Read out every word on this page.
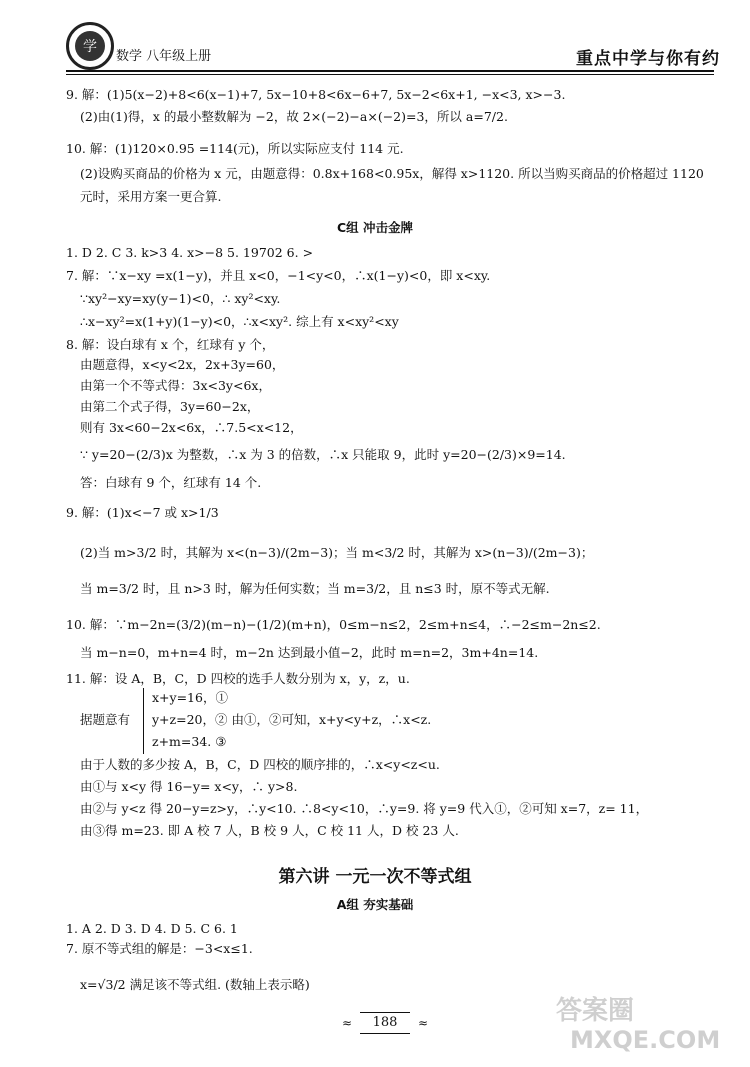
学
数学 八年级上册	重点中学与你有约
9. 解：(1)5(x−2)+8<6(x−1)+7, 5x−10+8<6x−6+7, 5x−2<6x+1, −x<3, x>−3.
(2)由(1)得，x 的最小整数解为 −2，故 2×(−2)−a×(−2)=3，所以 a=7/2.
10. 解：(1)120×0.95 =114(元)，所以实际应支付 114 元.
(2)设购买商品的价格为 x 元，由题意得：0.8x+168<0.95x，解得 x>1120. 所以当购买商品的价格超过 1120
元时，采用方案一更合算.
C组 冲击金牌
1. D 2. C 3. k>3 4. x>−8 5. 19702 6. >
7. 解：∵x−xy =x(1−y)，并且 x<0，−1<y<0，∴x(1−y)<0，即 x<xy.
∵xy²−xy=xy(y−1)<0，∴ xy²<xy.
∴x−xy²=x(1+y)(1−y)<0，∴x<xy². 综上有 x<xy²<xy
8. 解：设白球有 x 个，红球有 y 个，
由题意得，x<y<2x，2x+3y=60，
由第一个不等式得：3x<3y<6x，
由第二个式子得，3y=60−2x，
则有 3x<60−2x<6x，∴7.5<x<12，
∵ y=20−(2/3)x 为整数，∴x 为 3 的倍数，∴x 只能取 9，此时 y=20−(2/3)×9=14.
答：白球有 9 个，红球有 14 个.
9. 解：(1)x<−7 或 x>1/3
(2)当 m>3/2 时，其解为 x<(n−3)/(2m−3)；当 m<3/2 时，其解为 x>(n−3)/(2m−3)；
当 m=3/2 时，且 n>3 时，解为任何实数；当 m=3/2，且 n≤3 时，原不等式无解.
10. 解：∵m−2n=(3/2)(m−n)−(1/2)(m+n)，0≤m−n≤2，2≤m+n≤4，∴−2≤m−2n≤2.
当 m−n=0，m+n=4 时，m−2n 达到最小值−2，此时 m=n=2，3m+4n=14.
11. 解：设 A，B，C，D 四校的选手人数分别为 x，y，z，u.
x+y=16，①
据题意有 y+z=20，② 由①，②可知，x+y<y+z，∴x<z.
z+m=34. ③
由于人数的多少按 A，B，C，D 四校的顺序排的，∴x<y<z<u.
由①与 x<y 得 16−y= x<y，∴ y>8.
由②与 y<z 得 20−y=z>y，∴y<10. ∴8<y<10，∴y=9. 将 y=9 代入①，②可知 x=7，z= 11，
由③得 m=23. 即 A 校 7 人，B 校 9 人，C 校 11 人，D 校 23 人.
第六讲 一元一次不等式组
A组 夯实基础
1. A 2. D 3. D 4. D 5. C 6. 1
7. 原不等式组的解是：−3<x≤1.
x=√3/2 满足该不等式组. (数轴上表示略)
答案圈
MXQE.COM
≈	188	≈
